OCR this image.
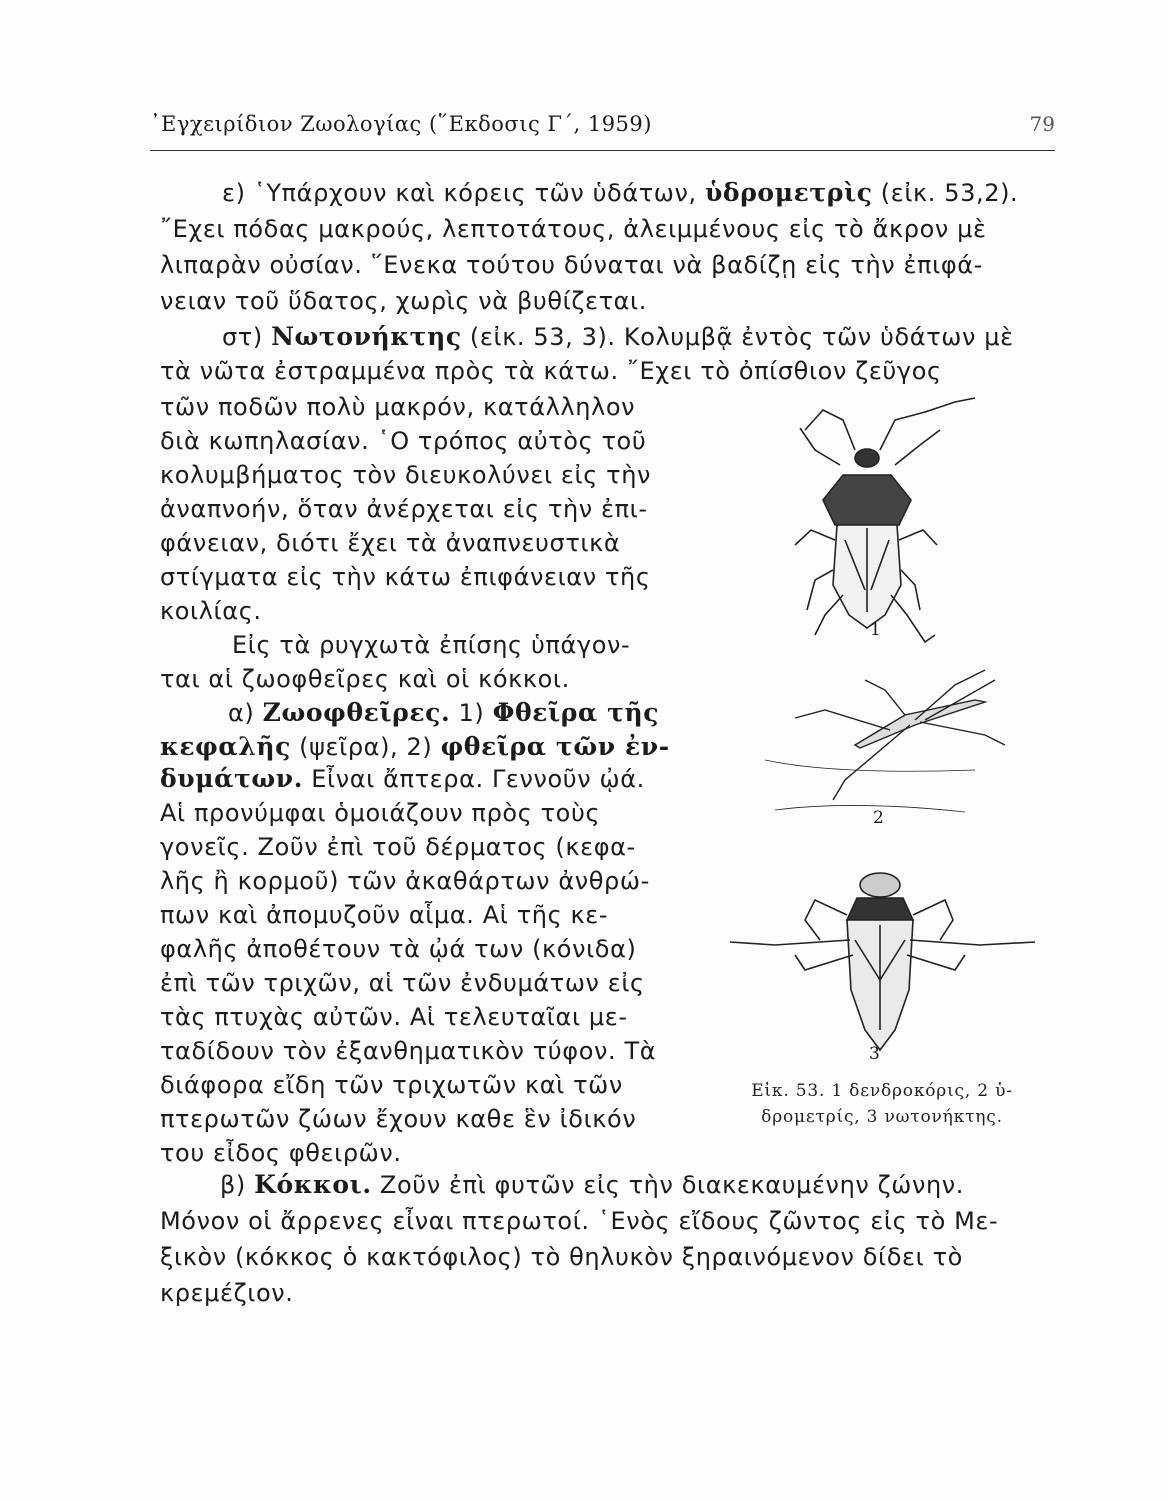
᾿Εγχειρίδιον Ζωολογίας (῞Εκδοσις Γ΄, 1959)	79
ε) ῾Υπάρχουν καὶ κόρεις τῶν ὑδάτων, ὑδρομετρὶς (εἰκ. 53,2).
῎Εχει πόδας μακρούς, λεπτοτάτους, ἀλειμμένους εἰς τὸ ἄκρον μὲ
λιπαρὰν οὐσίαν. ῞Ενεκα τούτου δύναται νὰ βαδίζῃ εἰς τὴν ἐπιφά-
νειαν τοῦ ὕδατος, χωρὶς νὰ βυθίζεται.
στ) Νωτονήκτης (εἰκ. 53, 3). Κολυμβᾷ ἐντὸς τῶν ὑδάτων μὲ
τὰ νῶτα ἐστραμμένα πρὸς τὰ κάτω. ῎Εχει τὸ ὀπίσθιον ζεῦγος
τῶν ποδῶν πολὺ μακρόν, κατάλληλον
διὰ κωπηλασίαν. ῾Ο τρόπος αὐτὸς τοῦ
κολυμβήματος τὸν διευκολύνει εἰς τὴν
ἀναπνοήν, ὅταν ἀνέρχεται εἰς τὴν ἐπι-
φάνειαν, διότι ἔχει τὰ ἀναπνευστικὰ
στίγματα εἰς τὴν κάτω ἐπιφάνειαν τῆς
κοιλίας.
Εἰς τὰ ρυγχωτὰ ἐπίσης ὑπάγον-
ται αἱ ζωοφθεῖρες καὶ οἱ κόκκοι.
α) Ζωοφθεῖρες. 1) Φθεῖρα τῆς
κεφαλῆς (ψεῖρα), 2) φθεῖρα τῶν ἐν-
δυμάτων. Εἶναι ἄπτερα. Γεννοῦν ᾠά.
Αἱ προνύμφαι ὁμοιάζουν πρὸς τοὺς
γονεῖς. Ζοῦν ἐπὶ τοῦ δέρματος (κεφα-
λῆς ἢ κορμοῦ) τῶν ἀκαθάρτων ἀνθρώ-
πων καὶ ἀπομυζοῦν αἷμα. Αἱ τῆς κε-
φαλῆς ἀποθέτουν τὰ ᾠά των (κόνιδα)
ἐπὶ τῶν τριχῶν, αἱ τῶν ἐνδυμάτων εἰς
τὰς πτυχὰς αὐτῶν. Αἱ τελευταῖαι με-
ταδίδουν τὸν ἐξανθηματικὸν τύφον. Τὰ
διάφορα εἴδη τῶν τριχωτῶν καὶ τῶν
πτερωτῶν ζώων ἔχουν καθε ἓν ἰδικόν
του εἶδος φθειρῶν.
β) Κόκκοι. Ζοῦν ἐπὶ φυτῶν εἰς τὴν διακεκαυμένην ζώνην.
Μόνον οἱ ἄρρενες εἶναι πτερωτοί. ῾Ενὸς εἴδους ζῶντος εἰς τὸ Με-
ξικὸν (κόκκος ὁ κακτόφιλος) τὸ θηλυκὸν ξηραινόμενον δίδει τὸ
κρεμέζιον.
1
2
3
Εἰκ. 53. 1 δενδροκόρις, 2 ὑ-
δρομετρίς, 3 νωτονήκτης.
